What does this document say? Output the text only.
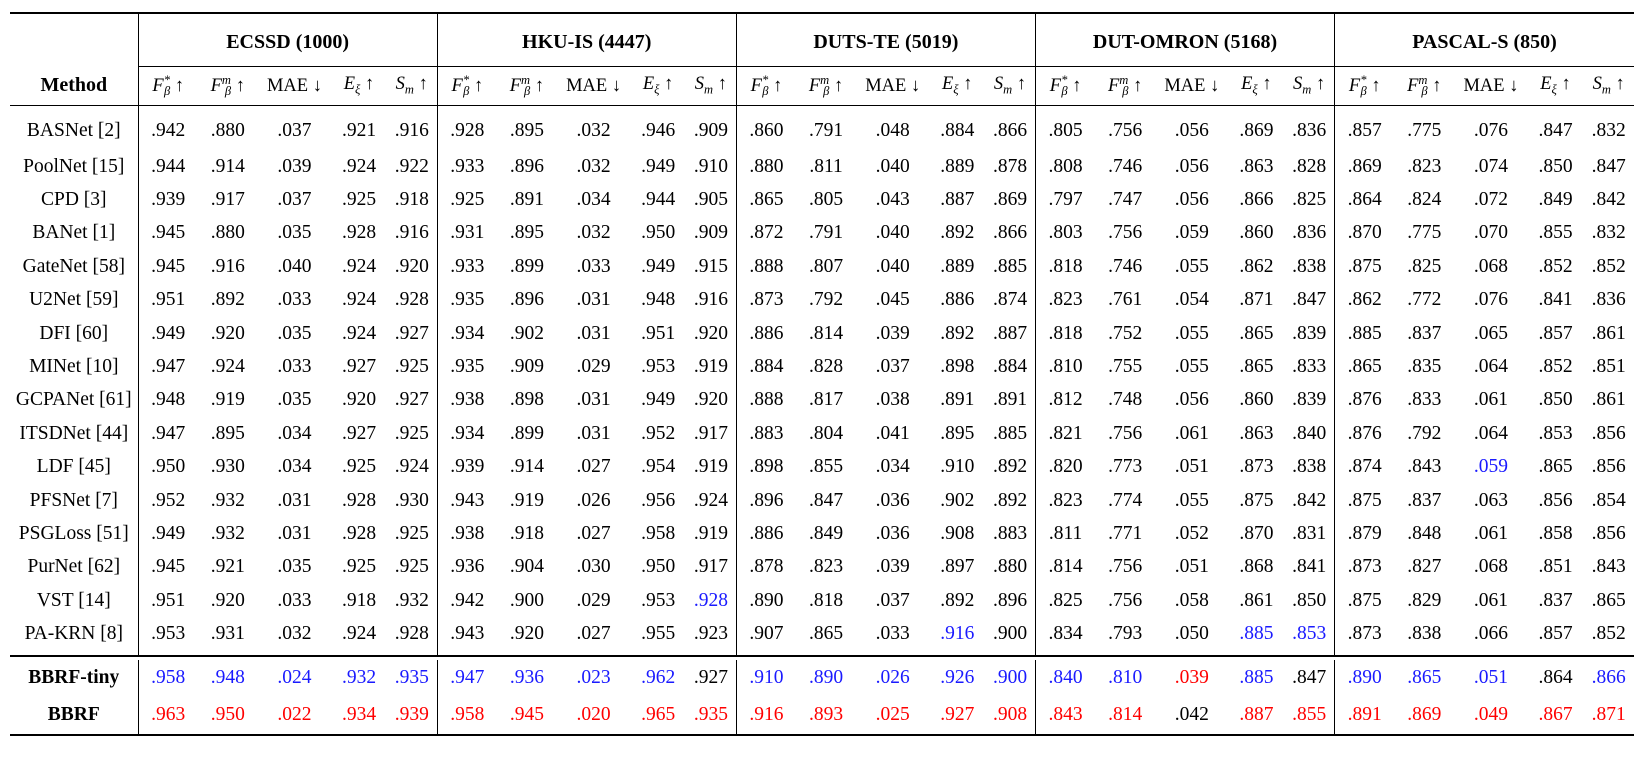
	ECSSD (1000)					HKU-IS (4447)					DUTS-TE (5019)					DUT-OMRON (5168)					PASCAL-S (850)				
Method	$F^*_\beta$ ↑	$F^m_\beta$ ↑	MAE ↓	$E_\xi$ ↑	$S_m$ ↑	$F^*_\beta$ ↑	$F^m_\beta$ ↑	MAE ↓	$E_\xi$ ↑	$S_m$ ↑	$F^*_\beta$ ↑	$F^m_\beta$ ↑	MAE ↓	$E_\xi$ ↑	$S_m$ ↑	$F^*_\beta$ ↑	$F^m_\beta$ ↑	MAE ↓	$E_\xi$ ↑	$S_m$ ↑	$F^*_\beta$ ↑	$F^m_\beta$ ↑	MAE ↓	$E_\xi$ ↑	$S_m$ ↑

BASNet [2]	.942	.880	.037	.921	.916	.928	.895	.032	.946	.909	.860	.791	.048	.884	.866	.805	.756	.056	.869	.836	.857	.775	.076	.847	.832
PoolNet [15]	.944	.914	.039	.924	.922	.933	.896	.032	.949	.910	.880	.811	.040	.889	.878	.808	.746	.056	.863	.828	.869	.823	.074	.850	.847
CPD [3]	.939	.917	.037	.925	.918	.925	.891	.034	.944	.905	.865	.805	.043	.887	.869	.797	.747	.056	.866	.825	.864	.824	.072	.849	.842
BANet [1]	.945	.880	.035	.928	.916	.931	.895	.032	.950	.909	.872	.791	.040	.892	.866	.803	.756	.059	.860	.836	.870	.775	.070	.855	.832
GateNet [58]	.945	.916	.040	.924	.920	.933	.899	.033	.949	.915	.888	.807	.040	.889	.885	.818	.746	.055	.862	.838	.875	.825	.068	.852	.852
U2Net [59]	.951	.892	.033	.924	.928	.935	.896	.031	.948	.916	.873	.792	.045	.886	.874	.823	.761	.054	.871	.847	.862	.772	.076	.841	.836
DFI [60]	.949	.920	.035	.924	.927	.934	.902	.031	.951	.920	.886	.814	.039	.892	.887	.818	.752	.055	.865	.839	.885	.837	.065	.857	.861
MINet [10]	.947	.924	.033	.927	.925	.935	.909	.029	.953	.919	.884	.828	.037	.898	.884	.810	.755	.055	.865	.833	.865	.835	.064	.852	.851
GCPANet [61]	.948	.919	.035	.920	.927	.938	.898	.031	.949	.920	.888	.817	.038	.891	.891	.812	.748	.056	.860	.839	.876	.833	.061	.850	.861
ITSDNet [44]	.947	.895	.034	.927	.925	.934	.899	.031	.952	.917	.883	.804	.041	.895	.885	.821	.756	.061	.863	.840	.876	.792	.064	.853	.856
LDF [45]	.950	.930	.034	.925	.924	.939	.914	.027	.954	.919	.898	.855	.034	.910	.892	.820	.773	.051	.873	.838	.874	.843	.059	.865	.856
PFSNet [7]	.952	.932	.031	.928	.930	.943	.919	.026	.956	.924	.896	.847	.036	.902	.892	.823	.774	.055	.875	.842	.875	.837	.063	.856	.854
PSGLoss [51]	.949	.932	.031	.928	.925	.938	.918	.027	.958	.919	.886	.849	.036	.908	.883	.811	.771	.052	.870	.831	.879	.848	.061	.858	.856
PurNet [62]	.945	.921	.035	.925	.925	.936	.904	.030	.950	.917	.878	.823	.039	.897	.880	.814	.756	.051	.868	.841	.873	.827	.068	.851	.843
VST [14]	.951	.920	.033	.918	.932	.942	.900	.029	.953	.928	.890	.818	.037	.892	.896	.825	.756	.058	.861	.850	.875	.829	.061	.837	.865
PA-KRN [8]	.953	.931	.032	.924	.928	.943	.920	.027	.955	.923	.907	.865	.033	.916	.900	.834	.793	.050	.885	.853	.873	.838	.066	.857	.852

BBRF-tiny	.958	.948	.024	.932	.935	.947	.936	.023	.962	.927	.910	.890	.026	.926	.900	.840	.810	.039	.885	.847	.890	.865	.051	.864	.866
BBRF	.963	.950	.022	.934	.939	.958	.945	.020	.965	.935	.916	.893	.025	.927	.908	.843	.814	.042	.887	.855	.891	.869	.049	.867	.871
